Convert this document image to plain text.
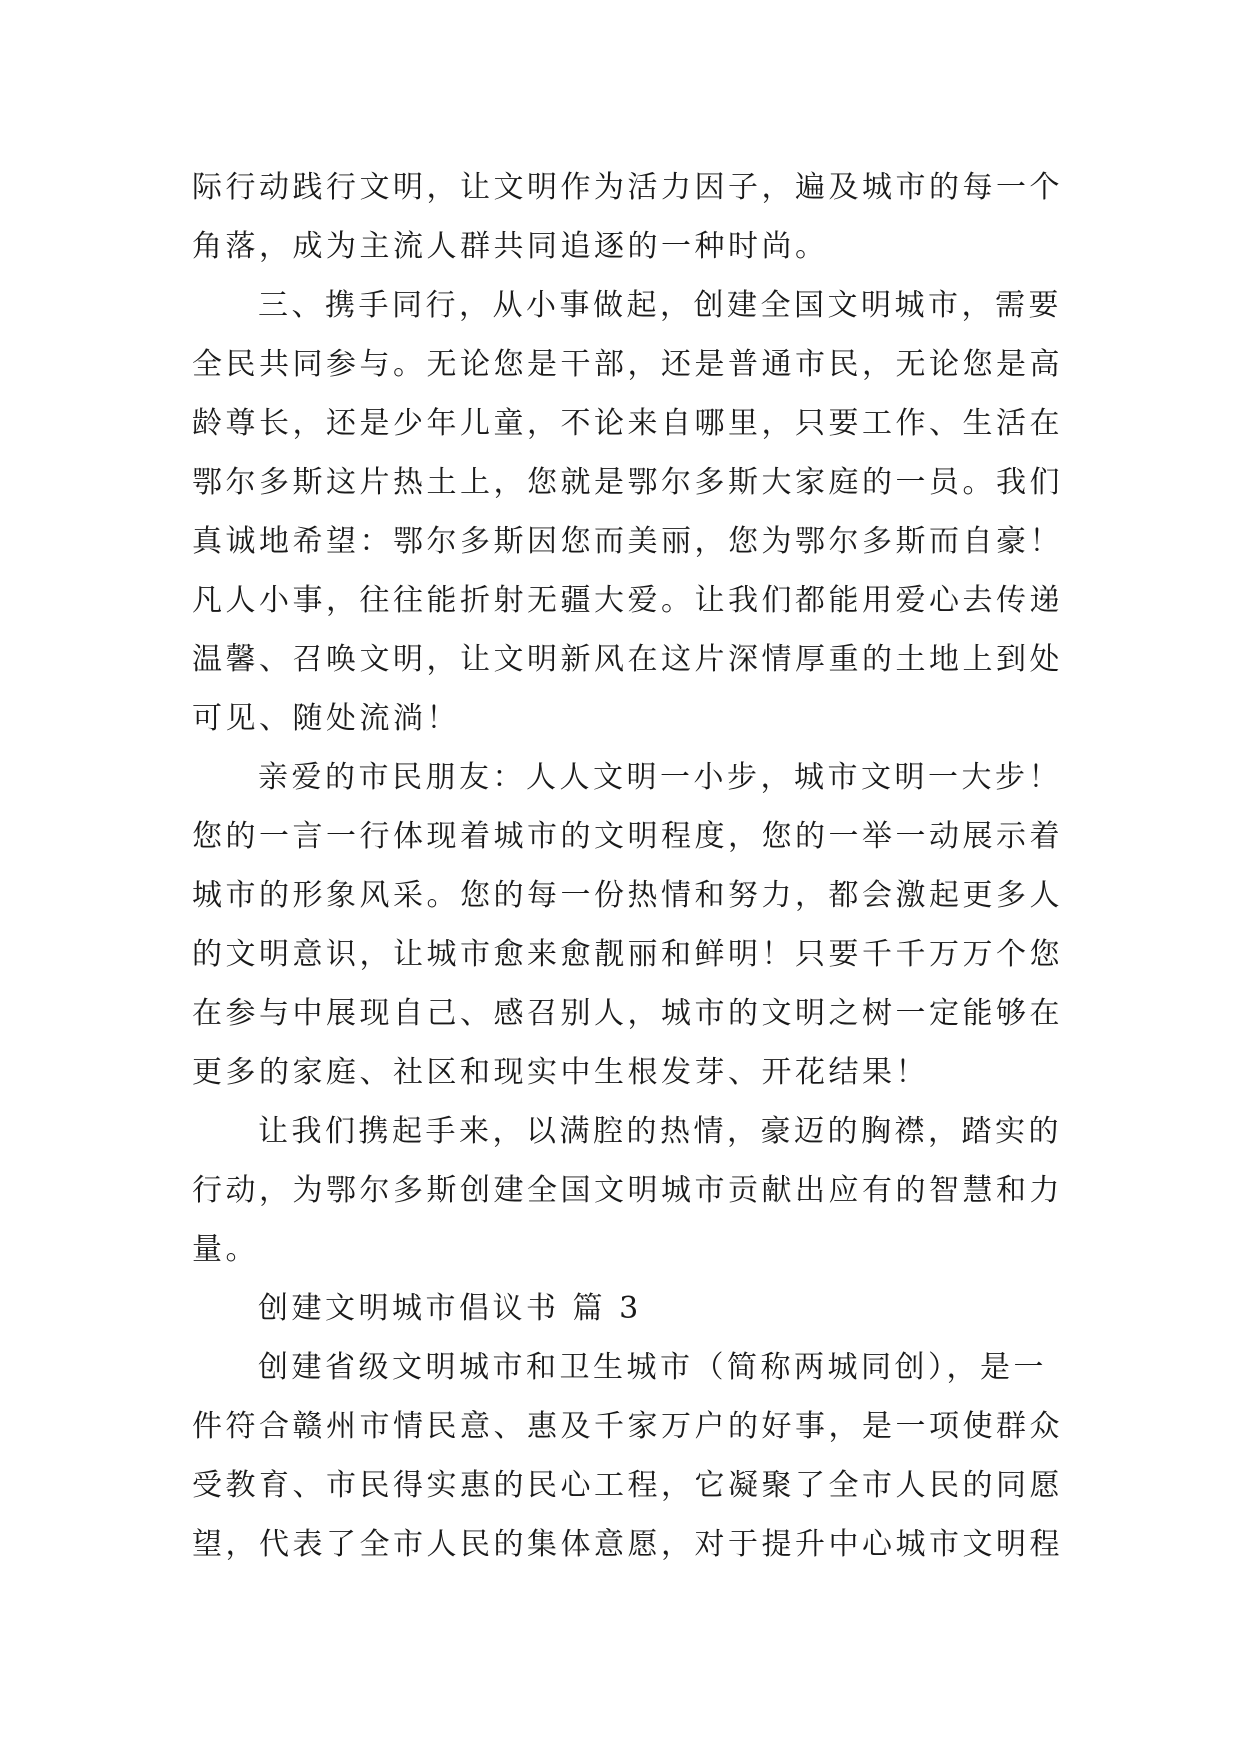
际行动践行文明，让文明作为活力因子，遍及城市的每一个
角落，成为主流人群共同追逐的一种时尚。
三、携手同行，从小事做起，创建全国文明城市，需要
全民共同参与。无论您是干部，还是普通市民，无论您是高
龄尊长，还是少年儿童，不论来自哪里，只要工作、生活在
鄂尔多斯这片热土上，您就是鄂尔多斯大家庭的一员。我们
真诚地希望：鄂尔多斯因您而美丽，您为鄂尔多斯而自豪！
凡人小事，往往能折射无疆大爱。让我们都能用爱心去传递
温馨、召唤文明，让文明新风在这片深情厚重的土地上到处
可见、随处流淌！
亲爱的市民朋友：人人文明一小步，城市文明一大步！
您的一言一行体现着城市的文明程度，您的一举一动展示着
城市的形象风采。您的每一份热情和努力，都会激起更多人
的文明意识，让城市愈来愈靓丽和鲜明！只要千千万万个您
在参与中展现自己、感召别人，城市的文明之树一定能够在
更多的家庭、社区和现实中生根发芽、开花结果！
让我们携起手来，以满腔的热情，豪迈的胸襟，踏实的
行动，为鄂尔多斯创建全国文明城市贡献出应有的智慧和力
量。
创建文明城市倡议书 篇 3
创建省级文明城市和卫生城市（简称两城同创），是一
件符合赣州市情民意、惠及千家万户的好事，是一项使群众
受教育、市民得实惠的民心工程，它凝聚了全市人民的同愿
望，代表了全市人民的集体意愿，对于提升中心城市文明程
